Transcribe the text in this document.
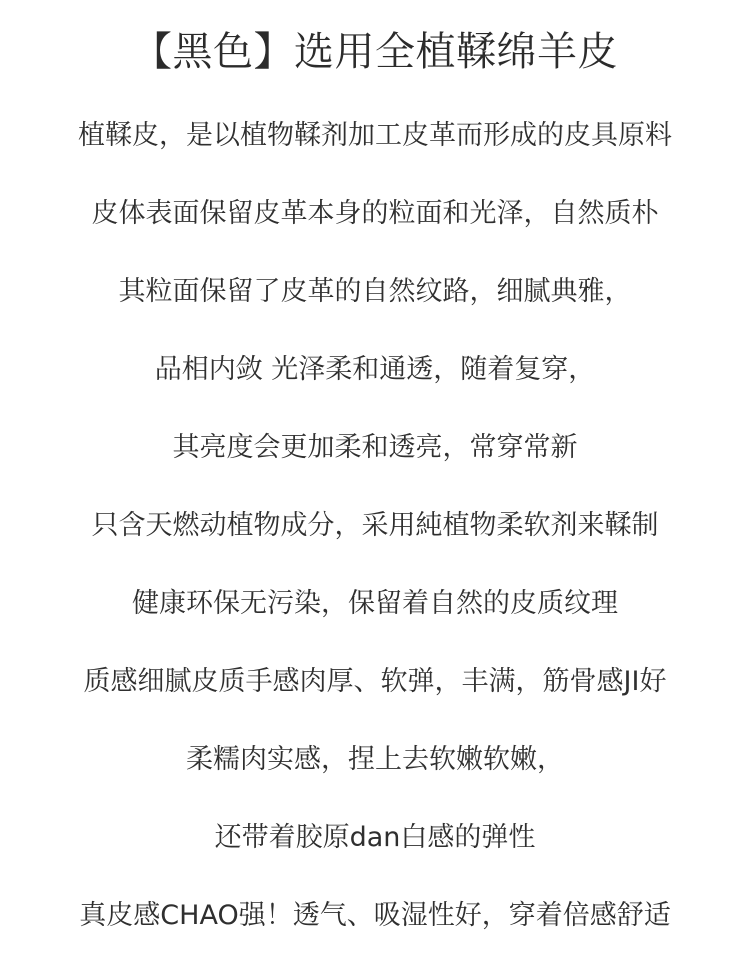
【黑色】选用全植鞣绵羊皮
植鞣皮，是以植物鞣剂加工皮革而形成的皮具原料
皮体表面保留皮革本身的粒面和光泽，自然质朴
其粒面保留了皮革的自然纹路，细腻典雅，
品相内敛 光泽柔和通透，随着复穿，
其亮度会更加柔和透亮，常穿常新
只含天燃动植物成分，采用純植物柔软剂来鞣制
健康环保无污染，保留着自然的皮质纹理
质感细腻皮质手感肉厚、软弹，丰满，筋骨感JI好
柔糯肉实感，捏上去软嫩软嫩，
还带着胶原dan白感的弹性
真皮感CHAO强！透气、吸湿性好，穿着倍感舒适
